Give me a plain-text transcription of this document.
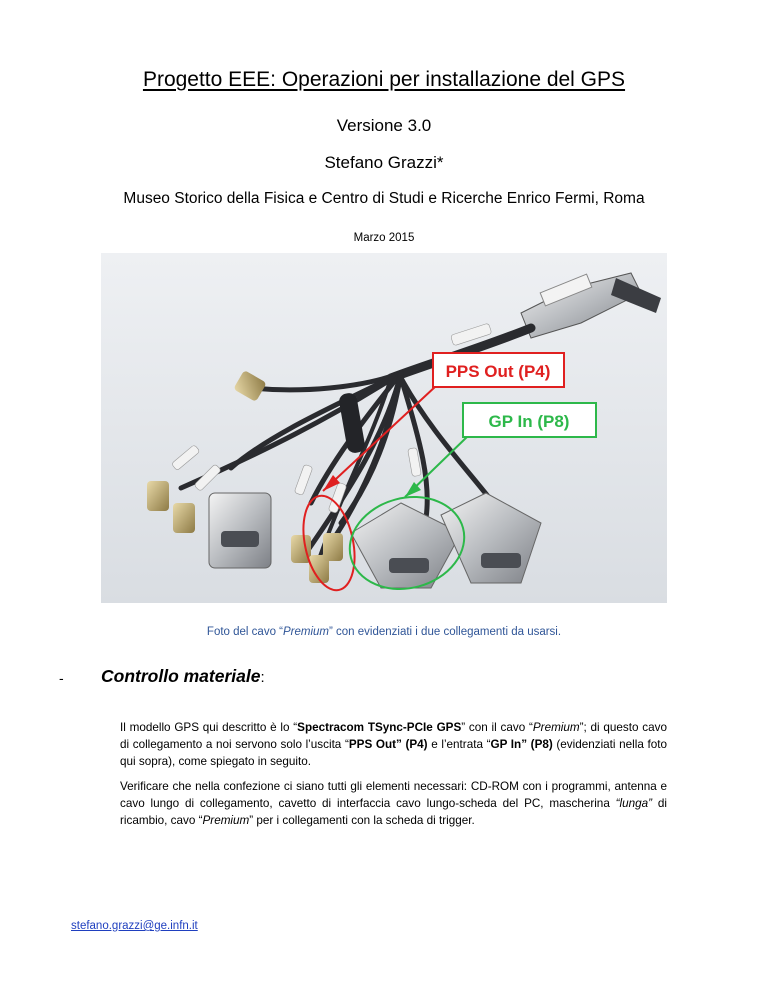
Progetto EEE: Operazioni per installazione del GPS
Versione 3.0
Stefano Grazzi*
Museo Storico della Fisica e Centro di Studi e Ricerche Enrico Fermi, Roma
Marzo 2015
PPS Out (P4)
GP In (P8)
Foto del cavo “Premium” con evidenziati i due collegamenti da usarsi.
- Controllo materiale:
Il modello GPS qui descritto è lo “Spectracom TSync-PCIe GPS” con il cavo “Premium”; di questo cavo di collegamento a noi servono solo l’uscita “PPS Out” (P4) e l’entrata “GP In” (P8) (evidenziati nella foto qui sopra), come spiegato in seguito.
Verificare che nella confezione ci siano tutti gli elementi necessari: CD-ROM con i programmi, antenna e cavo lungo di collegamento, cavetto di interfaccia cavo lungo-scheda del PC, mascherina “lunga” di ricambio, cavo “Premium” per i collegamenti con la scheda di trigger.
stefano.grazzi@ge.infn.it
